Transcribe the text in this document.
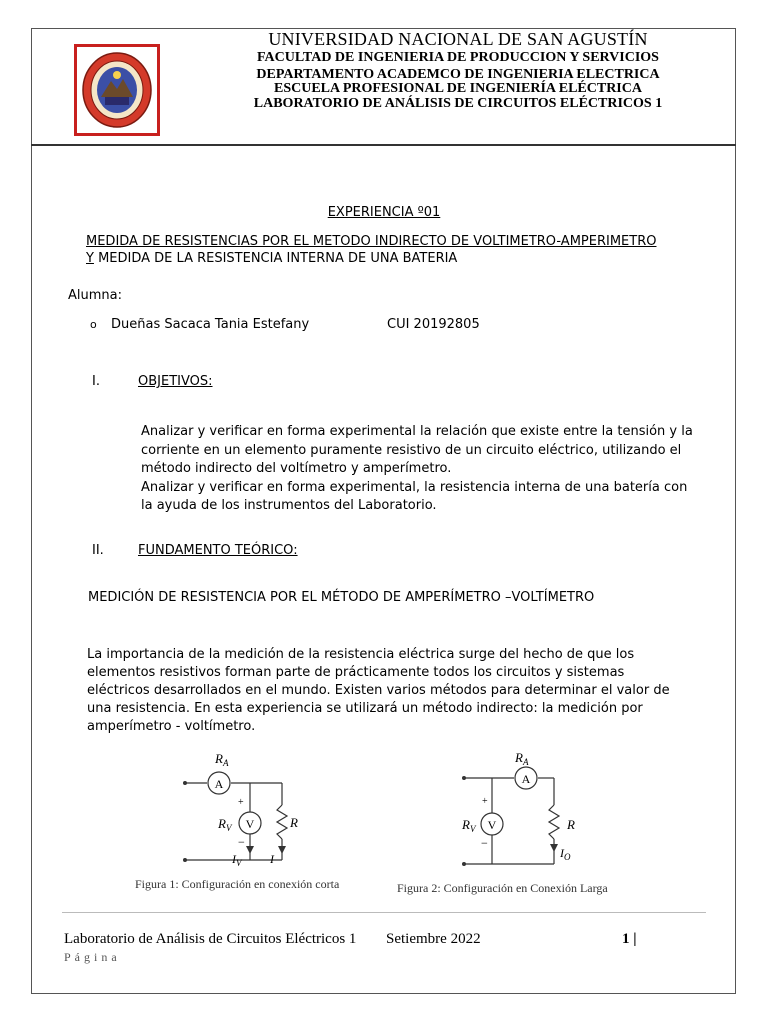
UNIVERSIDAD NACIONAL DE SAN AGUSTÍN
FACULTAD DE INGENIERIA DE PRODUCCION Y SERVICIOS
DEPARTAMENTO ACADEMCO DE INGENIERIA ELECTRICA
ESCUELA PROFESIONAL DE INGENIERÍA ELÉCTRICA
LABORATORIO DE ANÁLISIS DE CIRCUITOS ELÉCTRICOS 1
EXPERIENCIA º01
MEDIDA DE RESISTENCIAS POR EL METODO INDIRECTO DE VOLTIMETRO-AMPERIMETRO
Y MEDIDA DE LA RESISTENCIA INTERNA DE UNA BATERIA
Alumna:
o Dueñas Sacaca Tania Estefany	CUI 20192805
I.	OBJETIVOS:
Analizar y verificar en forma experimental la relación que existe entre la tensión y la
corriente en un elemento puramente resistivo de un circuito eléctrico, utilizando el
método indirecto del voltímetro y amperímetro.
Analizar y verificar en forma experimental, la resistencia interna de una batería con
la ayuda de los instrumentos del Laboratorio.
II.	FUNDAMENTO TEÓRICO:
MEDICIÓN DE RESISTENCIA POR EL MÉTODO DE AMPERÍMETRO –VOLTÍMETRO
La importancia de la medición de la resistencia eléctrica surge del hecho de que los
elementos resistivos forman parte de prácticamente todos los circuitos y sistemas
eléctricos desarrollados en el mundo. Existen varios métodos para determinar el valor de
una resistencia. En esta experiencia se utilizará un método indirecto: la medición por
amperímetro - voltímetro.
$R_A$
A
V
$R_V$	R
+
−
$I_V$ I
Figura 1: Configuración en conexión corta
$R_A$
A
V
$R_V$	R
+
−
$I_O$
Figura 2: Configuración en Conexión Larga
Laboratorio de Análisis de Circuitos Eléctricos 1 Setiembre 2022	1 |
Página
